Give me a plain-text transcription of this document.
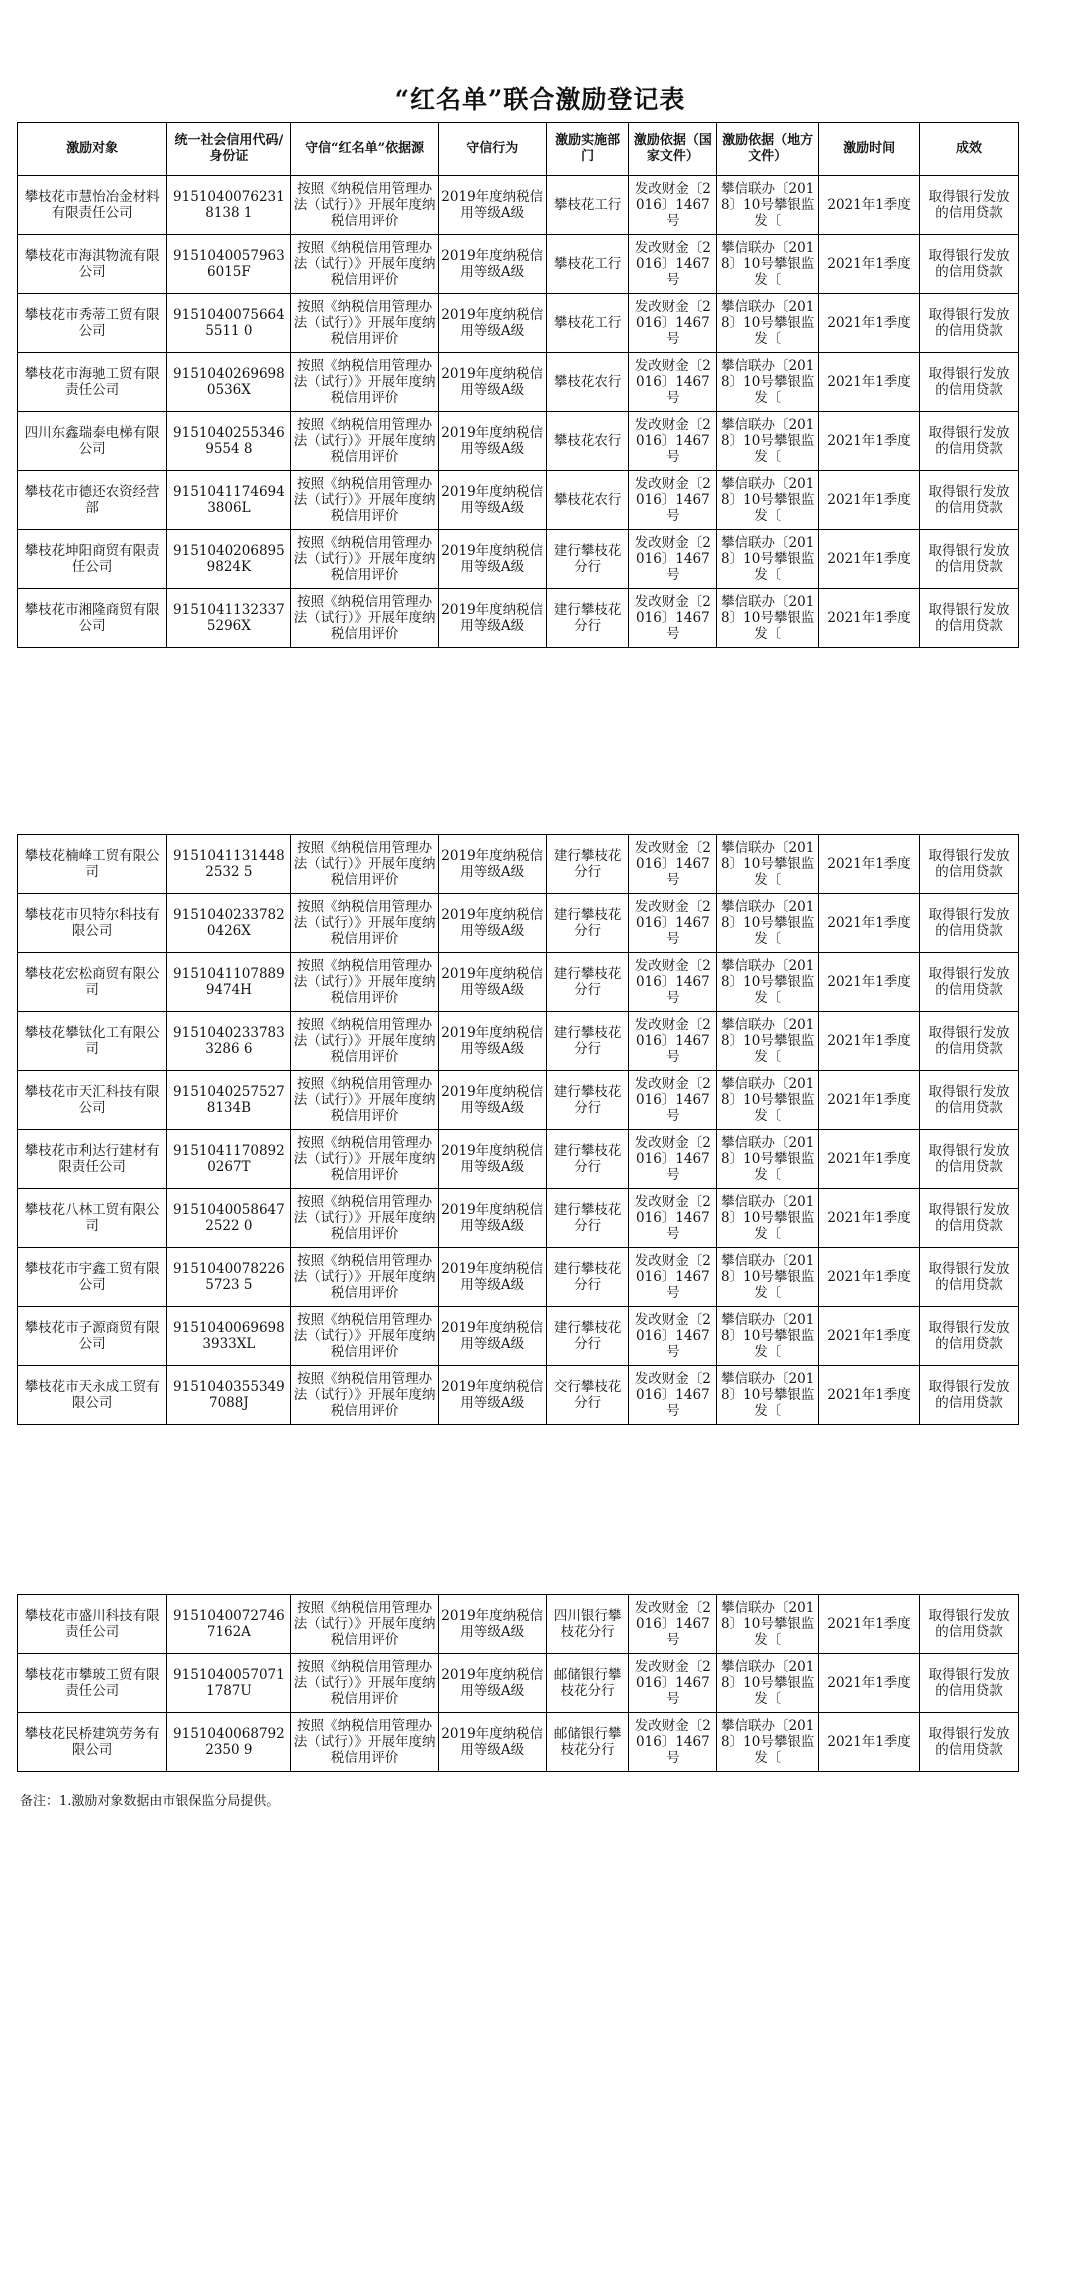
“红名单”联合激励登记表
激励对象	统一社会信用代码/身份证	守信“红名单”依据源	守信行为	激励实施部门	激励依据（国家文件）	激励依据（地方文件）	激励时间	成效

攀枝花市慧怡冶金材料有限责任公司	91510400762318138 1	按照《纳税信用管理办法（试行）》开展年度纳税信用评价	2019年度纳税信用等级A级	攀枝花工行	发改财金〔2016〕1467号	攀信联办〔2018〕10号攀银监发〔	2021年1季度	取得银行发放的信用贷款

攀枝花市海淇物流有限公司	91510400579636015F	按照《纳税信用管理办法（试行）》开展年度纳税信用评价	2019年度纳税信用等级A级	攀枝花工行	发改财金〔2016〕1467号	攀信联办〔2018〕10号攀银监发〔	2021年1季度	取得银行发放的信用贷款

攀枝花市秀蒂工贸有限公司	91510400756645511 0	按照《纳税信用管理办法（试行）》开展年度纳税信用评价	2019年度纳税信用等级A级	攀枝花工行	发改财金〔2016〕1467号	攀信联办〔2018〕10号攀银监发〔	2021年1季度	取得银行发放的信用贷款

攀枝花市海驰工贸有限责任公司	91510402696980536X	按照《纳税信用管理办法（试行）》开展年度纳税信用评价	2019年度纳税信用等级A级	攀枝花农行	发改财金〔2016〕1467号	攀信联办〔2018〕10号攀银监发〔	2021年1季度	取得银行发放的信用贷款

四川东鑫瑞泰电梯有限公司	91510402553469554 8	按照《纳税信用管理办法（试行）》开展年度纳税信用评价	2019年度纳税信用等级A级	攀枝花农行	发改财金〔2016〕1467号	攀信联办〔2018〕10号攀银监发〔	2021年1季度	取得银行发放的信用贷款

攀枝花市德还农资经营部	91510411746943806L	按照《纳税信用管理办法（试行）》开展年度纳税信用评价	2019年度纳税信用等级A级	攀枝花农行	发改财金〔2016〕1467号	攀信联办〔2018〕10号攀银监发〔	2021年1季度	取得银行发放的信用贷款

攀枝花坤阳商贸有限责任公司	91510402068959824K	按照《纳税信用管理办法（试行）》开展年度纳税信用评价	2019年度纳税信用等级A级	建行攀枝花分行	发改财金〔2016〕1467号	攀信联办〔2018〕10号攀银监发〔	2021年1季度	取得银行发放的信用贷款

攀枝花市湘隆商贸有限公司	91510411323375296X	按照《纳税信用管理办法（试行）》开展年度纳税信用评价	2019年度纳税信用等级A级	建行攀枝花分行	发改财金〔2016〕1467号	攀信联办〔2018〕10号攀银监发〔	2021年1季度	取得银行发放的信用贷款
攀枝花楠峰工贸有限公司	91510411314482532 5	按照《纳税信用管理办法（试行）》开展年度纳税信用评价	2019年度纳税信用等级A级	建行攀枝花分行	发改财金〔2016〕1467号	攀信联办〔2018〕10号攀银监发〔	2021年1季度	取得银行发放的信用贷款

攀枝花市贝特尔科技有限公司	91510402337820426X	按照《纳税信用管理办法（试行）》开展年度纳税信用评价	2019年度纳税信用等级A级	建行攀枝花分行	发改财金〔2016〕1467号	攀信联办〔2018〕10号攀银监发〔	2021年1季度	取得银行发放的信用贷款

攀枝花宏松商贸有限公司	91510411078899474H	按照《纳税信用管理办法（试行）》开展年度纳税信用评价	2019年度纳税信用等级A级	建行攀枝花分行	发改财金〔2016〕1467号	攀信联办〔2018〕10号攀银监发〔	2021年1季度	取得银行发放的信用贷款

攀枝花攀钛化工有限公司	91510402337833286 6	按照《纳税信用管理办法（试行）》开展年度纳税信用评价	2019年度纳税信用等级A级	建行攀枝花分行	发改财金〔2016〕1467号	攀信联办〔2018〕10号攀银监发〔	2021年1季度	取得银行发放的信用贷款

攀枝花市天汇科技有限公司	91510402575278134B	按照《纳税信用管理办法（试行）》开展年度纳税信用评价	2019年度纳税信用等级A级	建行攀枝花分行	发改财金〔2016〕1467号	攀信联办〔2018〕10号攀银监发〔	2021年1季度	取得银行发放的信用贷款

攀枝花市利达行建材有限责任公司	91510411708920267T	按照《纳税信用管理办法（试行）》开展年度纳税信用评价	2019年度纳税信用等级A级	建行攀枝花分行	发改财金〔2016〕1467号	攀信联办〔2018〕10号攀银监发〔	2021年1季度	取得银行发放的信用贷款

攀枝花八林工贸有限公司	91510400586472522 0	按照《纳税信用管理办法（试行）》开展年度纳税信用评价	2019年度纳税信用等级A级	建行攀枝花分行	发改财金〔2016〕1467号	攀信联办〔2018〕10号攀银监发〔	2021年1季度	取得银行发放的信用贷款

攀枝花市宇鑫工贸有限公司	91510400782265723 5	按照《纳税信用管理办法（试行）》开展年度纳税信用评价	2019年度纳税信用等级A级	建行攀枝花分行	发改财金〔2016〕1467号	攀信联办〔2018〕10号攀银监发〔	2021年1季度	取得银行发放的信用贷款

攀枝花市子源商贸有限公司	91510400696983933XL	按照《纳税信用管理办法（试行）》开展年度纳税信用评价	2019年度纳税信用等级A级	建行攀枝花分行	发改财金〔2016〕1467号	攀信联办〔2018〕10号攀银监发〔	2021年1季度	取得银行发放的信用贷款

攀枝花市天永成工贸有限公司	91510403553497088J	按照《纳税信用管理办法（试行）》开展年度纳税信用评价	2019年度纳税信用等级A级	交行攀枝花分行	发改财金〔2016〕1467号	攀信联办〔2018〕10号攀银监发〔	2021年1季度	取得银行发放的信用贷款
攀枝花市盛川科技有限责任公司	91510400727467162A	按照《纳税信用管理办法（试行）》开展年度纳税信用评价	2019年度纳税信用等级A级	四川银行攀枝花分行	发改财金〔2016〕1467号	攀信联办〔2018〕10号攀银监发〔	2021年1季度	取得银行发放的信用贷款

攀枝花市攀玻工贸有限责任公司	91510400570711787U	按照《纳税信用管理办法（试行）》开展年度纳税信用评价	2019年度纳税信用等级A级	邮储银行攀枝花分行	发改财金〔2016〕1467号	攀信联办〔2018〕10号攀银监发〔	2021年1季度	取得银行发放的信用贷款

攀枝花民桥建筑劳务有限公司	91510400687922350 9	按照《纳税信用管理办法（试行）》开展年度纳税信用评价	2019年度纳税信用等级A级	邮储银行攀枝花分行	发改财金〔2016〕1467号	攀信联办〔2018〕10号攀银监发〔	2021年1季度	取得银行发放的信用贷款
备注：1.激励对象数据由市银保监分局提供。
